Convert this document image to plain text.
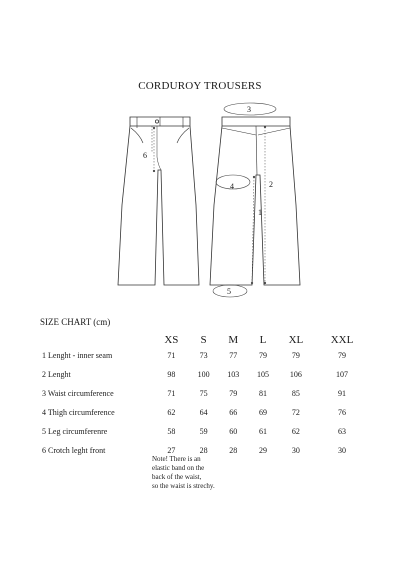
CORDUROY TROUSERS
6
3
4	2
1
5
SIZE CHART (cm)
	XS	S	M	L	XL	XXL
1 Lenght - inner seam	71	73	77	79	79	79
2 Lenght	98	100	103	105	106	107
3 Waist circumference	71	75	79	81	85	91
4 Thigh circumference	62	64	66	69	72	76
5 Leg circumferenre	58	59	60	61	62	63
6 Crotch leght front	27	28	28	29	30	30
Note! There is an
elastic band on the
back of the waist,
so the waist is strechy.
